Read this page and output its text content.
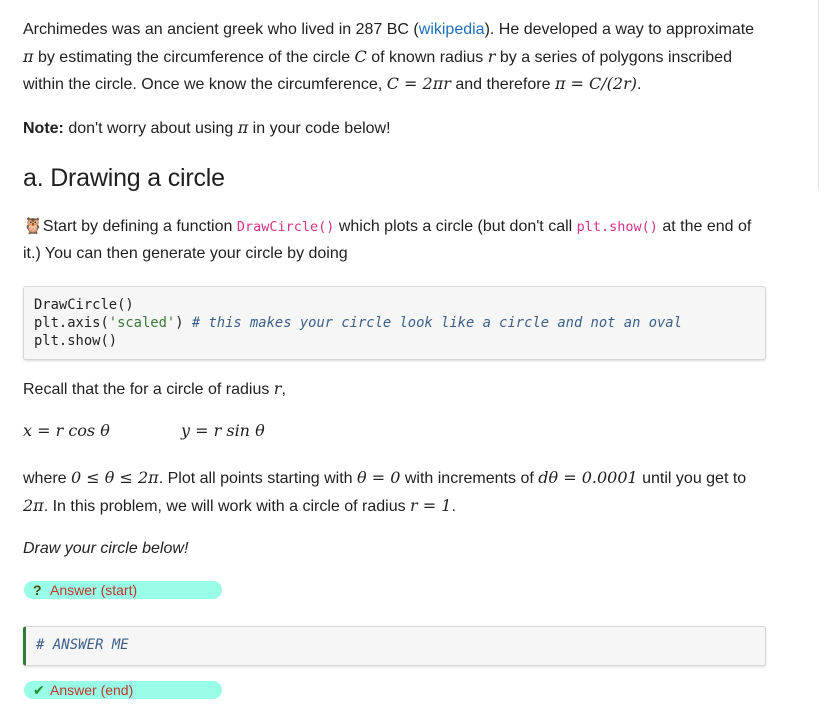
Archimedes was an ancient greek who lived in 287 BC (wikipedia). He developed a way to approximate
π by estimating the circumference of the circle C of known radius r by a series of polygons inscribed within the circle. Once we know the circumference, C = 2πr and therefore π = C/(2r).

Note: don't worry about using π in your code below!

a. Drawing a circle

🦉Start by defining a function DrawCircle() which plots a circle (but don't call plt.show() at the end of it.) You can then generate your circle by doing

DrawCircle()
plt.axis('scaled') # this makes your circle look like a circle and not an oval
plt.show()

Recall that the for a circle of radius r,

x = r cos θ	y = r sin θ

where 0 ≤ θ ≤ 2π. Plot all points starting with θ = 0 with increments of dθ = 0.0001 until you get to
2π. In this problem, we will work with a circle of radius r = 1.

Draw your circle below!

? Answer (start)
# ANSWER ME
✔ Answer (end)
